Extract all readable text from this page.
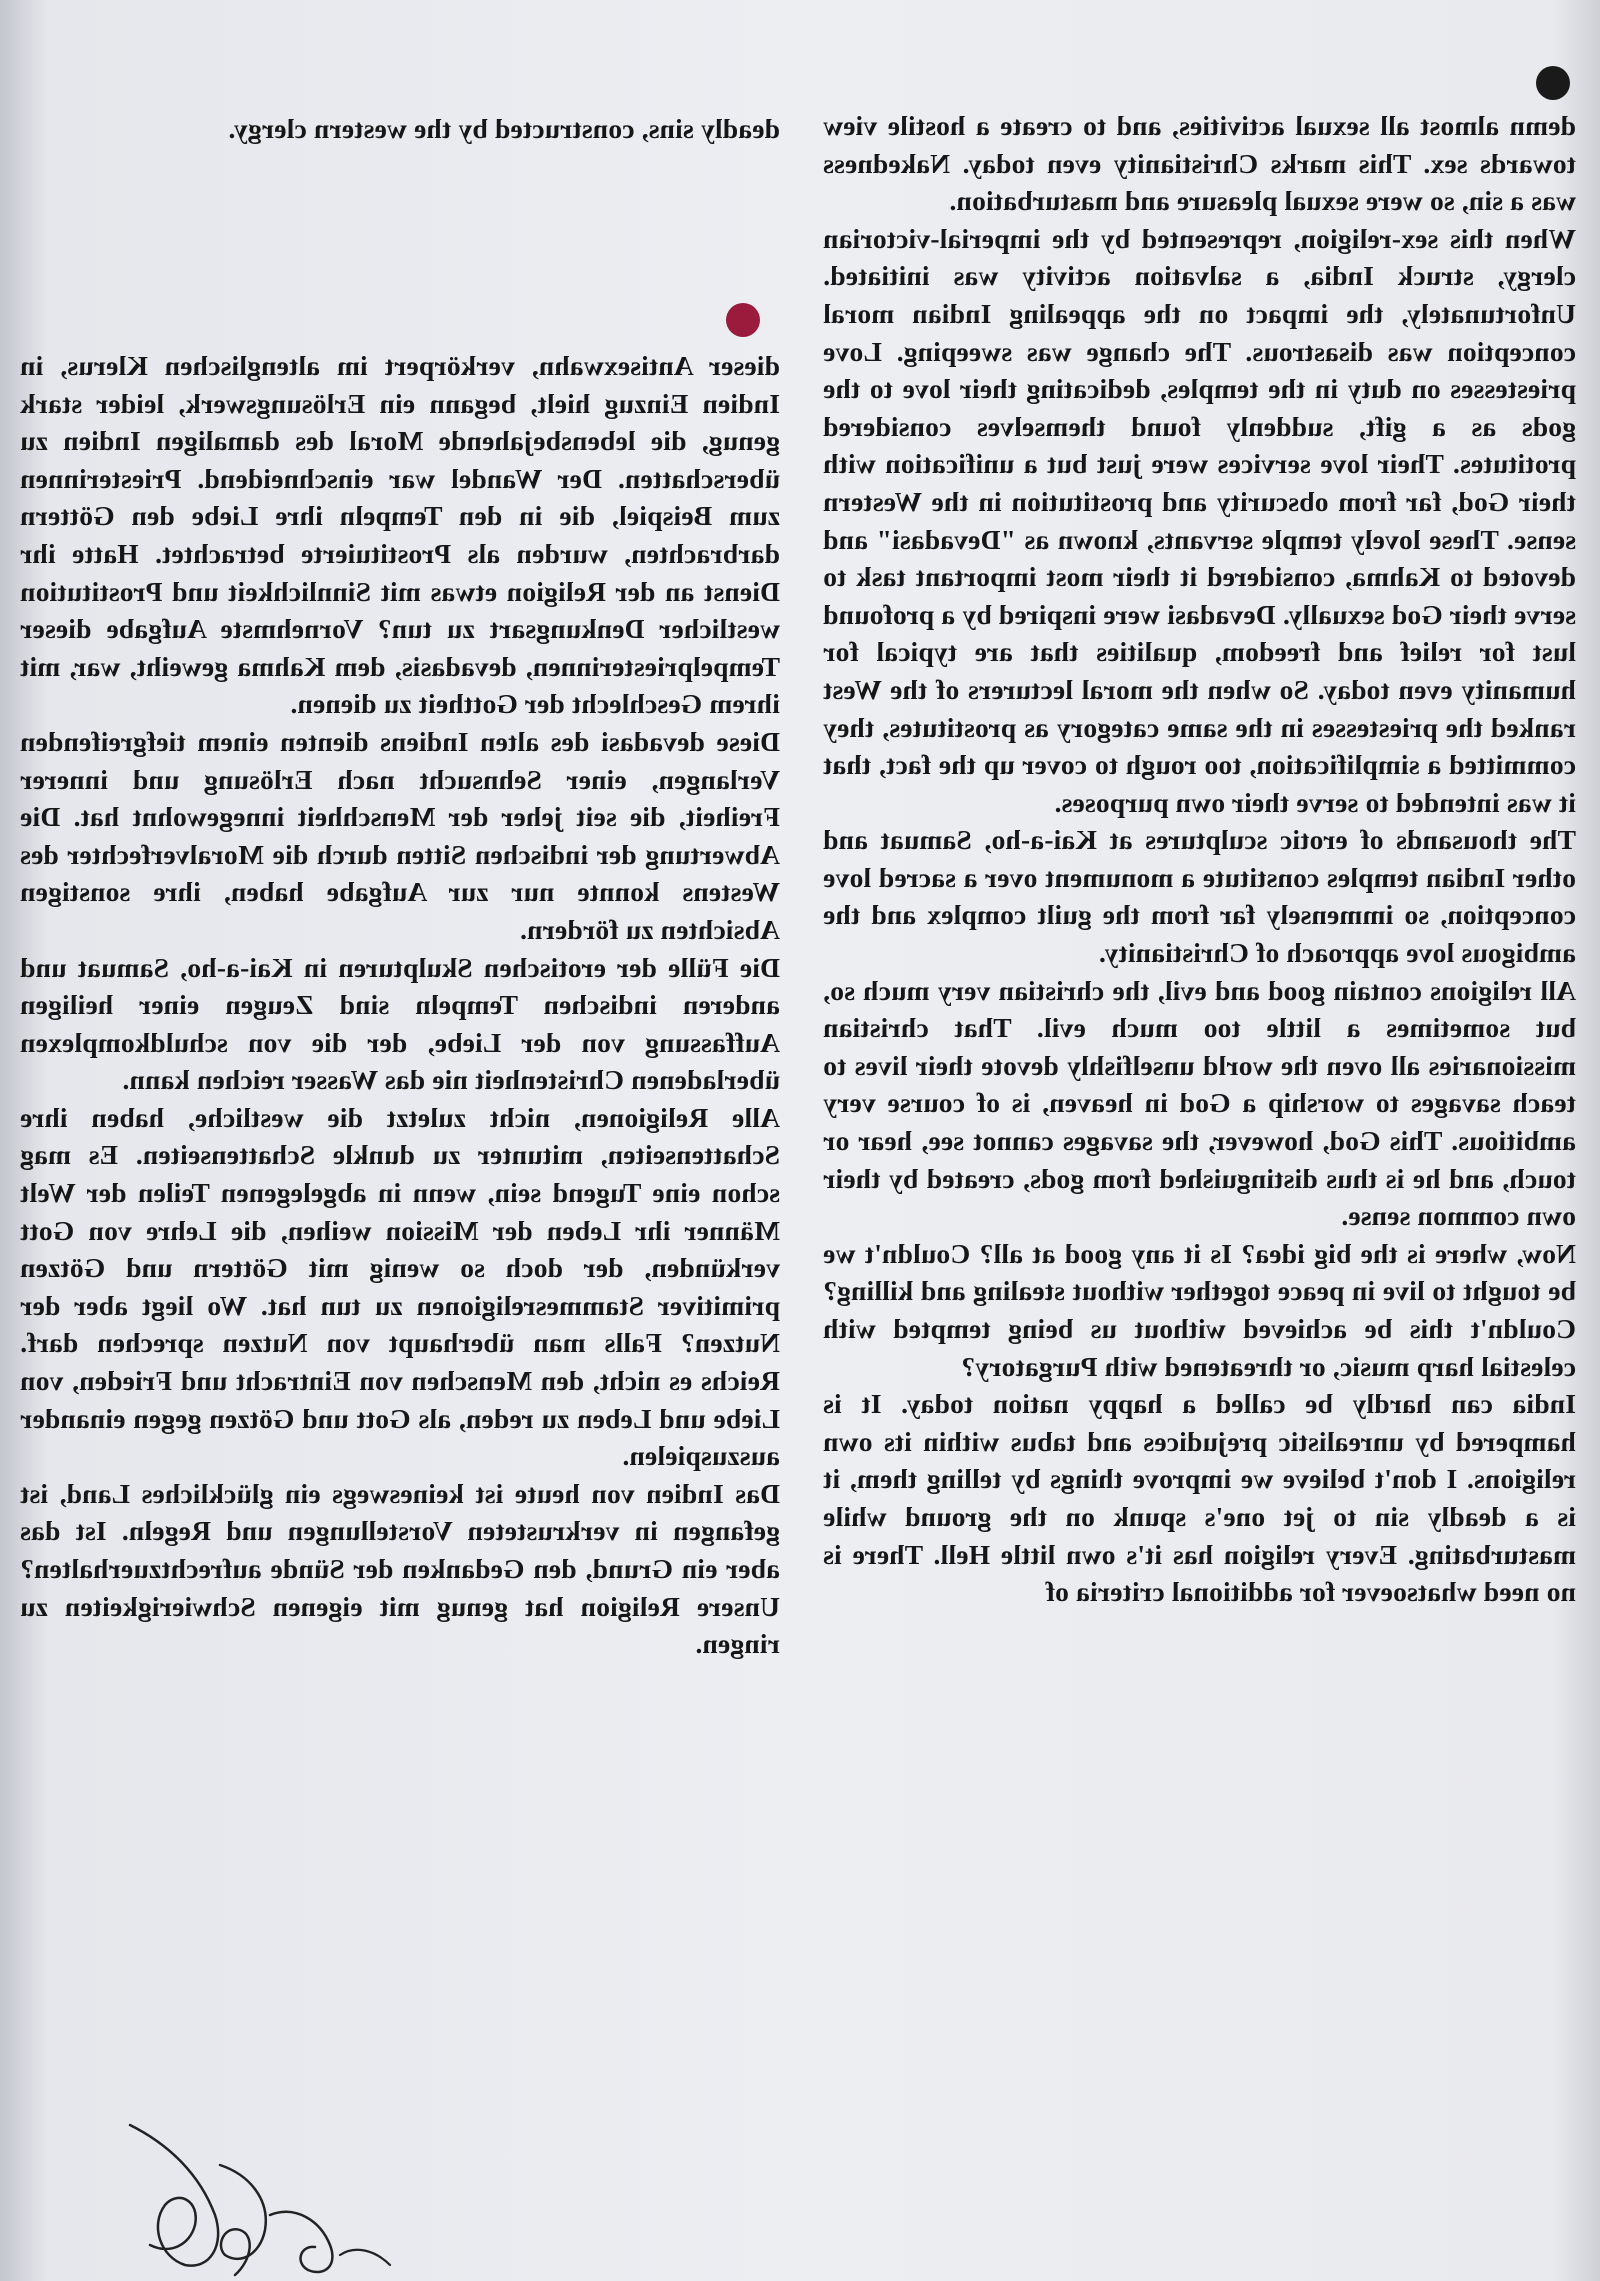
demn almost all sexual activities, and to create a hostile view towards sex. This marks Christianity even today. Nakedness was a sin, so were sexual pleasure and masturbation.

When this sex-religion, represented by the imperial-victorian clergy, struck India, a salvation activity was initiated. Unfortunately, the impact on the appealing Indian moral conception was disastrous. The change was sweeping. Love priestesses on duty in the temples, dedicating their love to the gods as a gift, suddenly found themselves considered protitutes. Their love services were just but a unification with their God, far from obscurity and prostitution in the Western sense. These lovely temple servants, known as "Devadasi" and devoted to Kahma, considered it their most important task to serve their God sexually. Devadasi were inspired by a profound lust for relief and freedom, qualities that are typical for humanity even today. So when the moral lecturers of the West ranked the priestesses in the same category as prostitutes, they committed a simplification, too rough to cover up the fact, that it was intended to serve their own purposes.

The thousands of erotic sculptures at Kai-a-ho, Samuat and other Indian temples constitute a monument over a sacred love conception, so immensely far from the guilt complex and the ambigous love approach of Christianity.

All religions contain good and evil, the christian very much so, but sometimes a little too much evil. That christian missionaries all oven the world unselfishly devote their lives to teach savages to worship a God in heaven, is of course very ambitious. This God, however, the savages cannot see, hear or touch, and he is thus distinguished from gods, created by their own common sense.

Now, where is the big idea? Is it any good at all? Couldn't we be tought to live in peace together without stealing and killing?Couldn't this be achieved without us being tempted with celestial harp music, or threatened with Purgatory?

India can hardly be called a happy nation today. It is hampered by unrealistic prejudices and tabus within its own religions. I don't believe we improve things by telling them, it is a deadly sin to jet one's spunk on the ground while masturbating. Every religion has it's own little Hell. There is no need whatsoever for additional criteria of

deadly sins, constructed by the western clergy.

dieser Antisexwahn, verkörpert im altenglischen Klerus, in Indien Einzug hielt, begann ein Erlösungswerk, leider stark genug, die lebensbejahende Moral des damaligen Indien zu überschatten. Der Wandel war einschneidend. Priesterinnen zum Beispiel, die in den Tempeln ihre Liebe den Göttern darbrachten, wurden als Prostituierte betrachtet. Hatte ihr Dienst an der Religion etwas mit Sinnlichkeit und Prostitution westlicher Denkungsart zu tun? Vornehmste Aufgabe dieser Tempelpriesterinnen, devadasis, dem Kahma geweiht, war, mit ihrem Geschlecht der Gottheit zu dienen.

Diese devadasi des alten Indiens dienten einem tiefgreifenden Verlangen, einer Sehnsucht nach Erlösung und innerer Freiheit, die seit jeher der Menschheit innegewohnt hat. Die Abwertung der indischen Sitten durch die Moralverfechter des Westens konnte nur zur Aufgabe haben, ihre sonstigen Absichten zu fördern.

Die Fülle der erotischen Skulpturen in Kai-a-ho, Samuat und anderen indischen Tempeln sind Zeugen einer heiligen Auffassung von der Liebe, der die von schuldkomplexen überladenen Christenheit nie das Wasser reichen kann.

Alle Religionen, nicht zuletzt die westliche, haben ihre Schattenseiten, mitunter zu dunkle Schattenseiten. Es mag schon eine Tugend sein, wenn in abgelegenen Teilen der Welt Männer ihr Leben der Mission weihen, die Lehre von Gott verkünden, der doch so wenig mit Göttern und Götzen primitiver Stammesreligionen zu tun hat. Wo liegt aber der Nutzen? Falls man überhaupt von Nutzen sprechen darf. Reichs es nicht, den Menschen von Eintracht und Frieden, von Liebe und Leben zu reden, als Gott und Götzen gegen einander auszuspielen.

Das Indien von heute ist keineswegs ein glückliches Land, ist gefangen in verkrusteten Vorstellungen und Regeln. Ist das aber ein Grund, den Gedanken der Sünde aufrechtzuerhalten? Unsere Religion hat genug mit eigenen Schwierigkeiten zu ringen.
